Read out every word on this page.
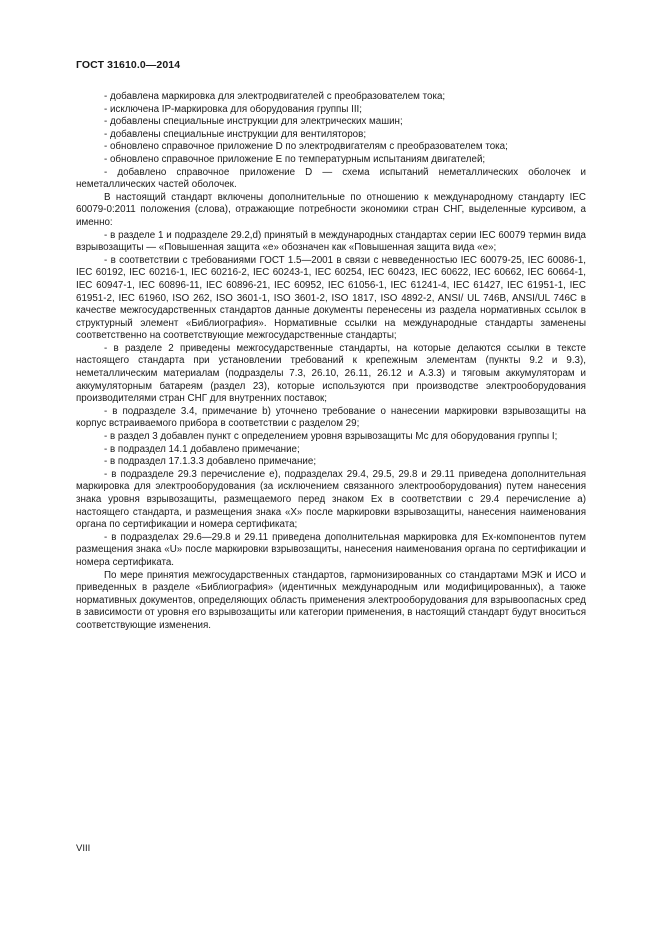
ГОСТ 31610.0—2014

- добавлена маркировка для электродвигателей с преобразователем тока;

- исключена IP-маркировка для оборудования группы III;

- добавлены специальные инструкции для электрических машин;

- добавлены специальные инструкции для вентиляторов;

- обновлено справочное приложение D по электродвигателям с преобразователем тока;

- обновлено справочное приложение E по температурным испытаниям двигателей;

- добавлено справочное приложение D — схема испытаний неметаллических оболочек и неметаллических частей оболочек.

В настоящий стандарт включены дополнительные по отношению к международному стандарту IEC 60079-0:2011 положения (слова), отражающие потребности экономики стран СНГ, выделенные курсивом, а именно:

- в разделе 1 и подразделе 29.2,d) принятый в международных стандартах серии IEC 60079 термин вида взрывозащиты — «Повышенная защита «е» обозначен как «Повышенная защита вида «е»;

- в соответствии с требованиями ГОСТ 1.5—2001 в связи с невведенностью IEC 60079-25, IEC 60086-1, IEC 60192, IEC 60216-1, IEC 60216-2, IEC 60243-1, IEC 60254, IEC 60423, IEC 60622, IEC 60662, IEC 60664-1, IEC 60947-1, IEC 60896-11, IEC 60896-21, IEC 60952, IEC 61056-1, IEC 61241-4, IEC 61427, IEC 61951-1, IEC 61951-2, IEC 61960, ISO 262, ISO 3601-1, ISO 3601-2, ISO 1817, ISO 4892-2, ANSI/ UL 746B, ANSI/UL 746C в качестве межгосударственных стандартов данные документы перенесены из раздела нормативных ссылок в структурный элемент «Библиография». Нормативные ссылки на международные стандарты заменены соответственно на соответствующие межгосударственные стандарты;

- в разделе 2 приведены межгосударственные стандарты, на которые делаются ссылки в тексте настоящего стандарта при установлении требований к крепежным элементам (пункты 9.2 и 9.3), неметаллическим материалам (подразделы 7.3, 26.10, 26.11, 26.12 и А.3.3) и тяговым аккумуляторам и аккумуляторным батареям (раздел 23), которые используются при производстве электрооборудования производителями стран СНГ для внутренних поставок;

- в подразделе 3.4, примечание b) уточнено требование о нанесении маркировки взрывозащиты на корпус встраиваемого прибора в соответствии с разделом 29;

- в раздел 3 добавлен пункт с определением уровня взрывозащиты Мс для оборудования группы I;

- в подраздел 14.1 добавлено примечание;

- в подраздел 17.1.3.3 добавлено примечание;

- в подразделе 29.3 перечисление е), подразделах 29.4, 29.5, 29.8 и 29.11 приведена дополнительная маркировка для электрооборудования (за исключением связанного электрооборудования) путем нанесения знака уровня взрывозащиты, размещаемого перед знаком Ex в соответствии с 29.4 перечисление а) настоящего стандарта, и размещения знака «X» после маркировки взрывозащиты, нанесения наименования органа по сертификации и номера сертификата;

- в подразделах 29.6—29.8 и 29.11 приведена дополнительная маркировка для Ex-компонентов путем размещения знака «U» после маркировки взрывозащиты, нанесения наименования органа по сертификации и номера сертификата.

По мере принятия межгосударственных стандартов, гармонизированных со стандартами МЭК и ИСО и приведенных в разделе «Библиография» (идентичных международным или модифицированных), а также нормативных документов, определяющих область применения электрооборудования для взрывоопасных сред в зависимости от уровня его взрывозащиты или категории применения, в настоящий стандарт будут вноситься соответствующие изменения.

VIII
